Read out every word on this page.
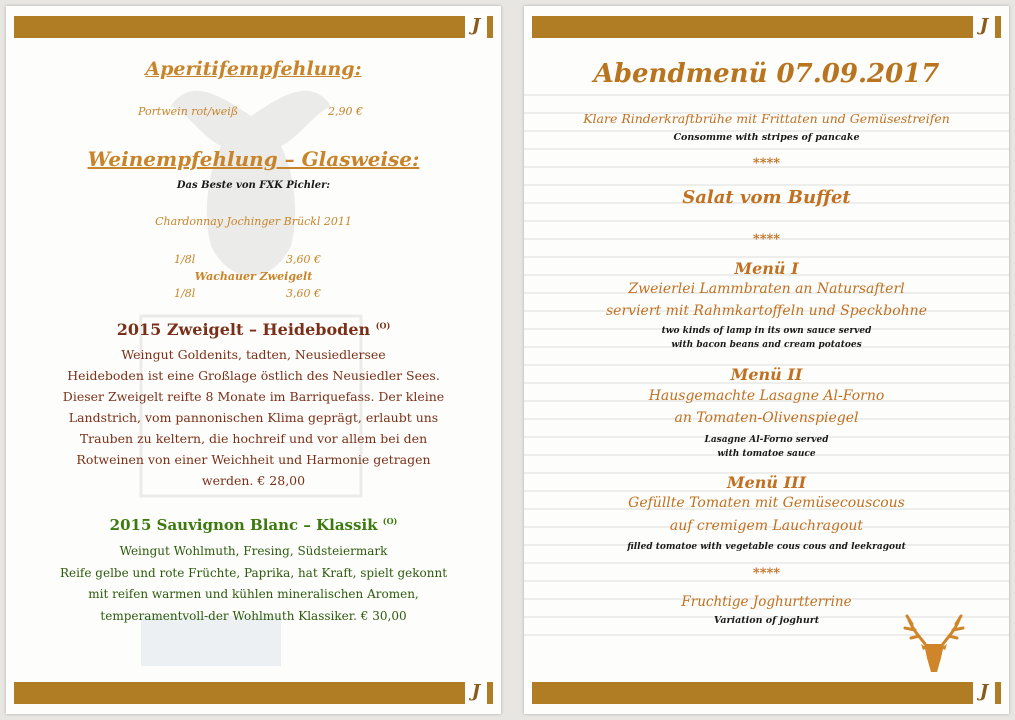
J
Aperitifempfehlung:
Portwein rot/weiß	2,90 €
Weinempfehlung – Glasweise:
Das Beste von FXK Pichler:
Chardonnay Jochinger Brückl 2011
1/8l	3,60 €
Wachauer Zweigelt
1/8l	3,60 €
2015 Zweigelt – Heideboden $^{(O)}$
Weingut Goldenits, tadten, Neusiedlersee
Heideboden ist eine Großlage östlich des Neusiedler Sees.
Dieser Zweigelt reifte 8 Monate im Barriquefass. Der kleine
Landstrich, vom pannonischen Klima geprägt, erlaubt uns
Trauben zu keltern, die hochreif und vor allem bei den
Rotweinen von einer Weichheit und Harmonie getragen
werden. € 28,00
2015 Sauvignon Blanc – Klassik $^{(O)}$
Weingut Wohlmuth, Fresing, Südsteiermark
Reife gelbe und rote Früchte, Paprika, hat Kraft, spielt gekonnt
mit reifen warmen und kühlen mineralischen Aromen,
temperamentvoll-der Wohlmuth Klassiker. € 30,00
J
J
Abendmenü 07.09.2017
Klare Rinderkraftbrühe mit Frittaten und Gemüsestreifen
Consomme with stripes of pancake
****
Salat vom Buffet
****
Menü I
Zweierlei Lammbraten an Natursafterl
serviert mit Rahmkartoffeln und Speckbohne
two kinds of lamp in its own sauce served
with bacon beans and cream potatoes
Menü II
Hausgemachte Lasagne Al-Forno
an Tomaten-Olivenspiegel
Lasagne Al-Forno served
with tomatoe sauce
Menü III
Gefüllte Tomaten mit Gemüsecouscous
auf cremigem Lauchragout
filled tomatoe with vegetable cous cous and leekragout
****
Fruchtige Joghurtterrine
Variation of joghurt
J
